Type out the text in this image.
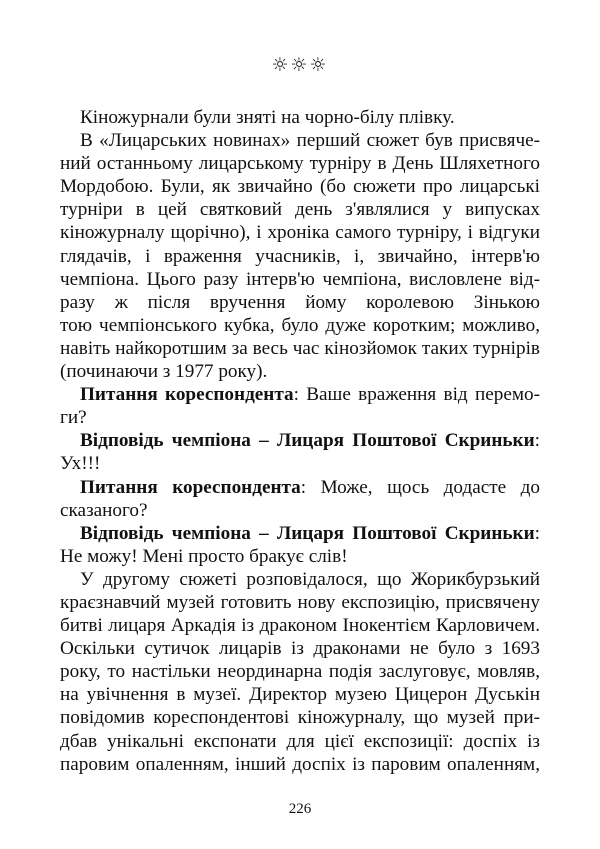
☼☼☼
Кіножурнали були зняті на чорно-білу плівку.
В «Лицарських новинах» перший сюжет був присвяче-
ний останньому лицарському турніру в День Шляхетного
Мордобою. Були, як звичайно (бо сюжети про лицарські
турніри в цей святковий день з'являлися у випусках
кіножурналу щорічно), і хроніка самого турніру, і відгуки
глядачів, і враження учасників, і, звичайно, інтерв'ю
чемпіона. Цього разу інтерв'ю чемпіона, висловлене від-
разу ж після вручення йому королевою Зінькою
тою чемпіонського кубка, було дуже коротким; можливо,
навіть найкоротшим за весь час кінозйомок таких турнірів
(починаючи з 1977 року).
Питання кореспондента: Ваше враження від перемо-
ги?
Відповідь чемпіона – Лицаря Поштової Скриньки:
Ух!!!
Питання кореспондента: Може, щось додасте до
сказаного?
Відповідь чемпіона – Лицаря Поштової Скриньки:
Не можу! Мені просто бракує слів!
У другому сюжеті розповідалося, що Жорикбурзький
краєзнавчий музей готовить нову експозицію, присвячену
битві лицаря Аркадія із драконом Інокентієм Карловичем.
Оскільки сутичок лицарів із драконами не було з 1693
року, то настільки неординарна подія заслуговує, мовляв,
на увічнення в музеї. Директор музею Цицерон Дуськін
повідомив кореспондентові кіножурналу, що музей при-
дбав унікальні експонати для цієї експозиції: доспіх із
паровим опаленням, інший доспіх із паровим опаленням,
226
